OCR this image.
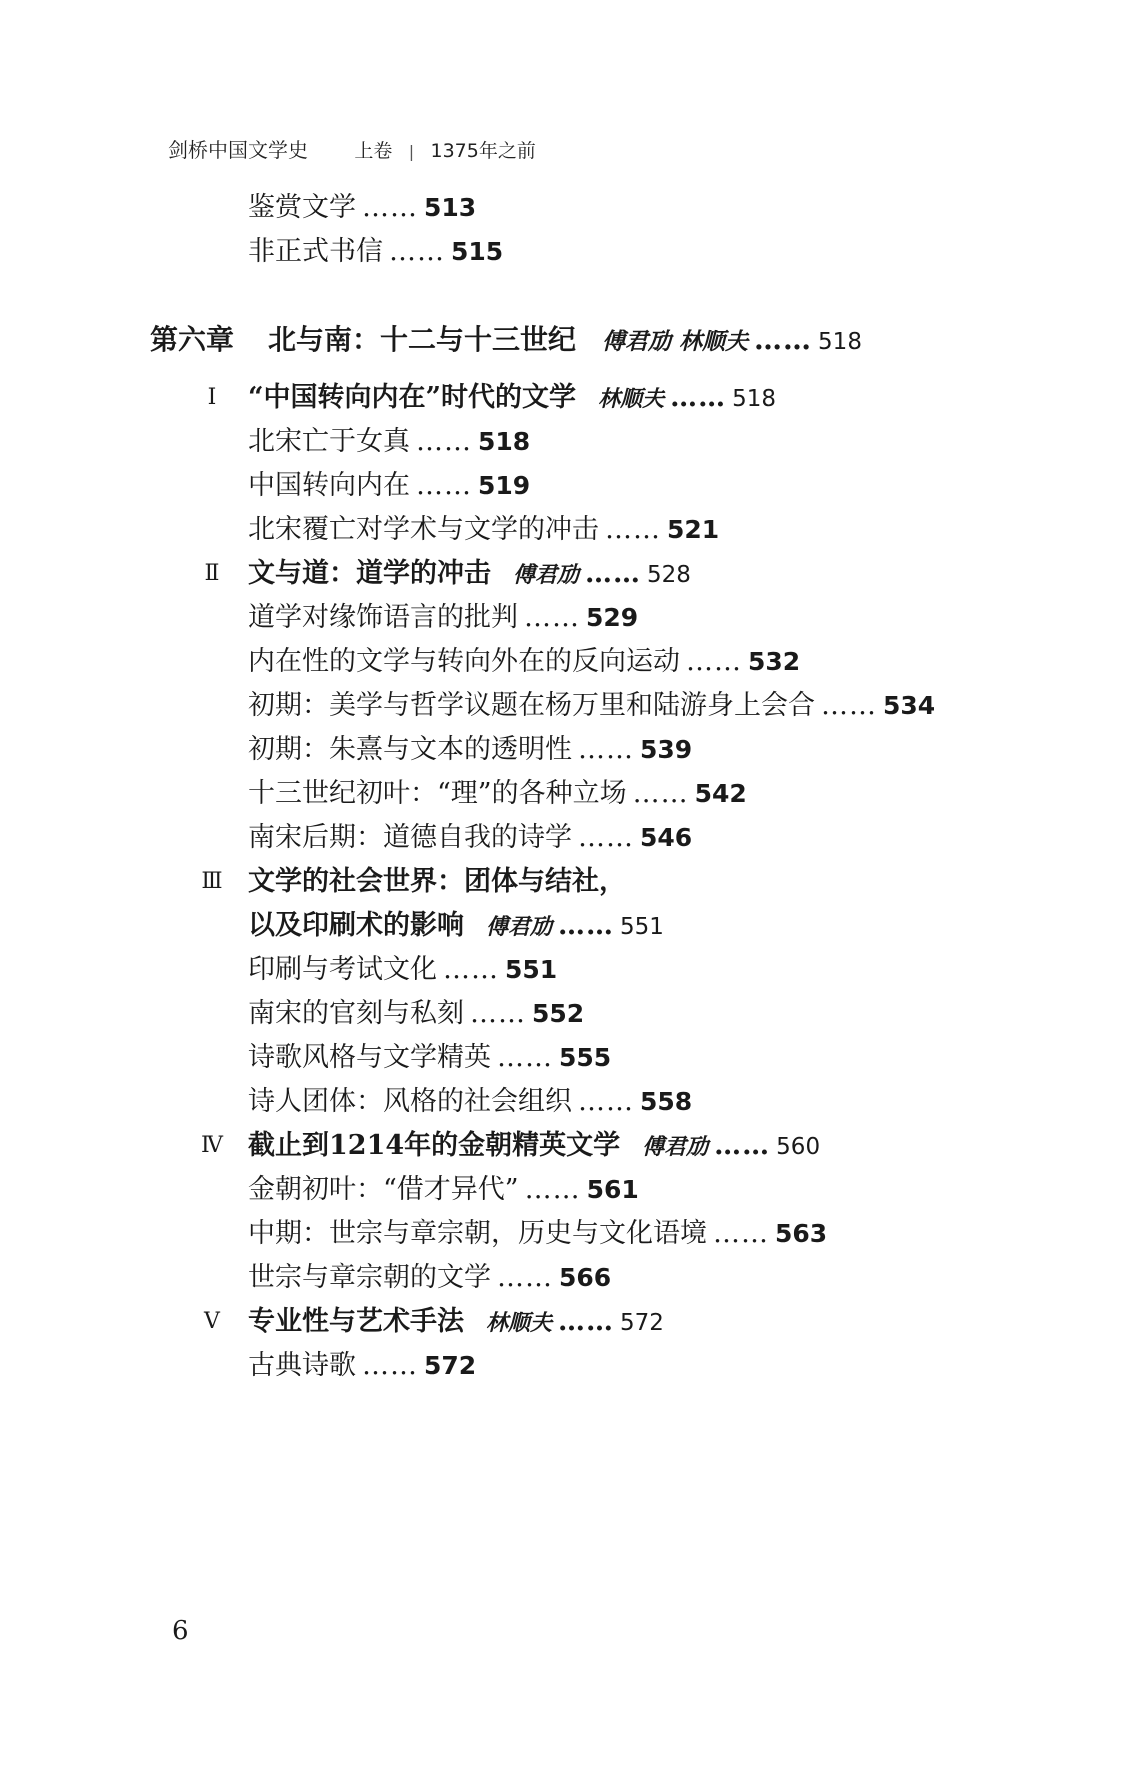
剑桥中国文学史 上卷 | 1375年之前
鉴赏文学 …… 513
非正式书信 …… 515
第六章 北与南：十二与十三世纪 傅君劢 林顺夫 …… 518
Ⅰ	“中国转向内在”时代的文学 林顺夫 …… 518
北宋亡于女真 …… 518
中国转向内在 …… 519
北宋覆亡对学术与文学的冲击 …… 521
Ⅱ	文与道：道学的冲击 傅君劢 …… 528
道学对缘饰语言的批判 …… 529
内在性的文学与转向外在的反向运动 …… 532
初期：美学与哲学议题在杨万里和陆游身上会合 …… 534
初期：朱熹与文本的透明性 …… 539
十三世纪初叶：“理”的各种立场 …… 542
南宋后期：道德自我的诗学 …… 546
Ⅲ 文学的社会世界：团体与结社，
以及印刷术的影响 傅君劢 …… 551
印刷与考试文化 …… 551
南宋的官刻与私刻 …… 552
诗歌风格与文学精英 …… 555
诗人团体：风格的社会组织 …… 558
Ⅳ 截止到1214年的金朝精英文学 傅君劢 …… 560
金朝初叶：“借才异代” …… 561
中期：世宗与章宗朝，历史与文化语境 …… 563
世宗与章宗朝的文学 …… 566
Ⅴ	专业性与艺术手法 林顺夫 …… 572
古典诗歌 …… 572
6
